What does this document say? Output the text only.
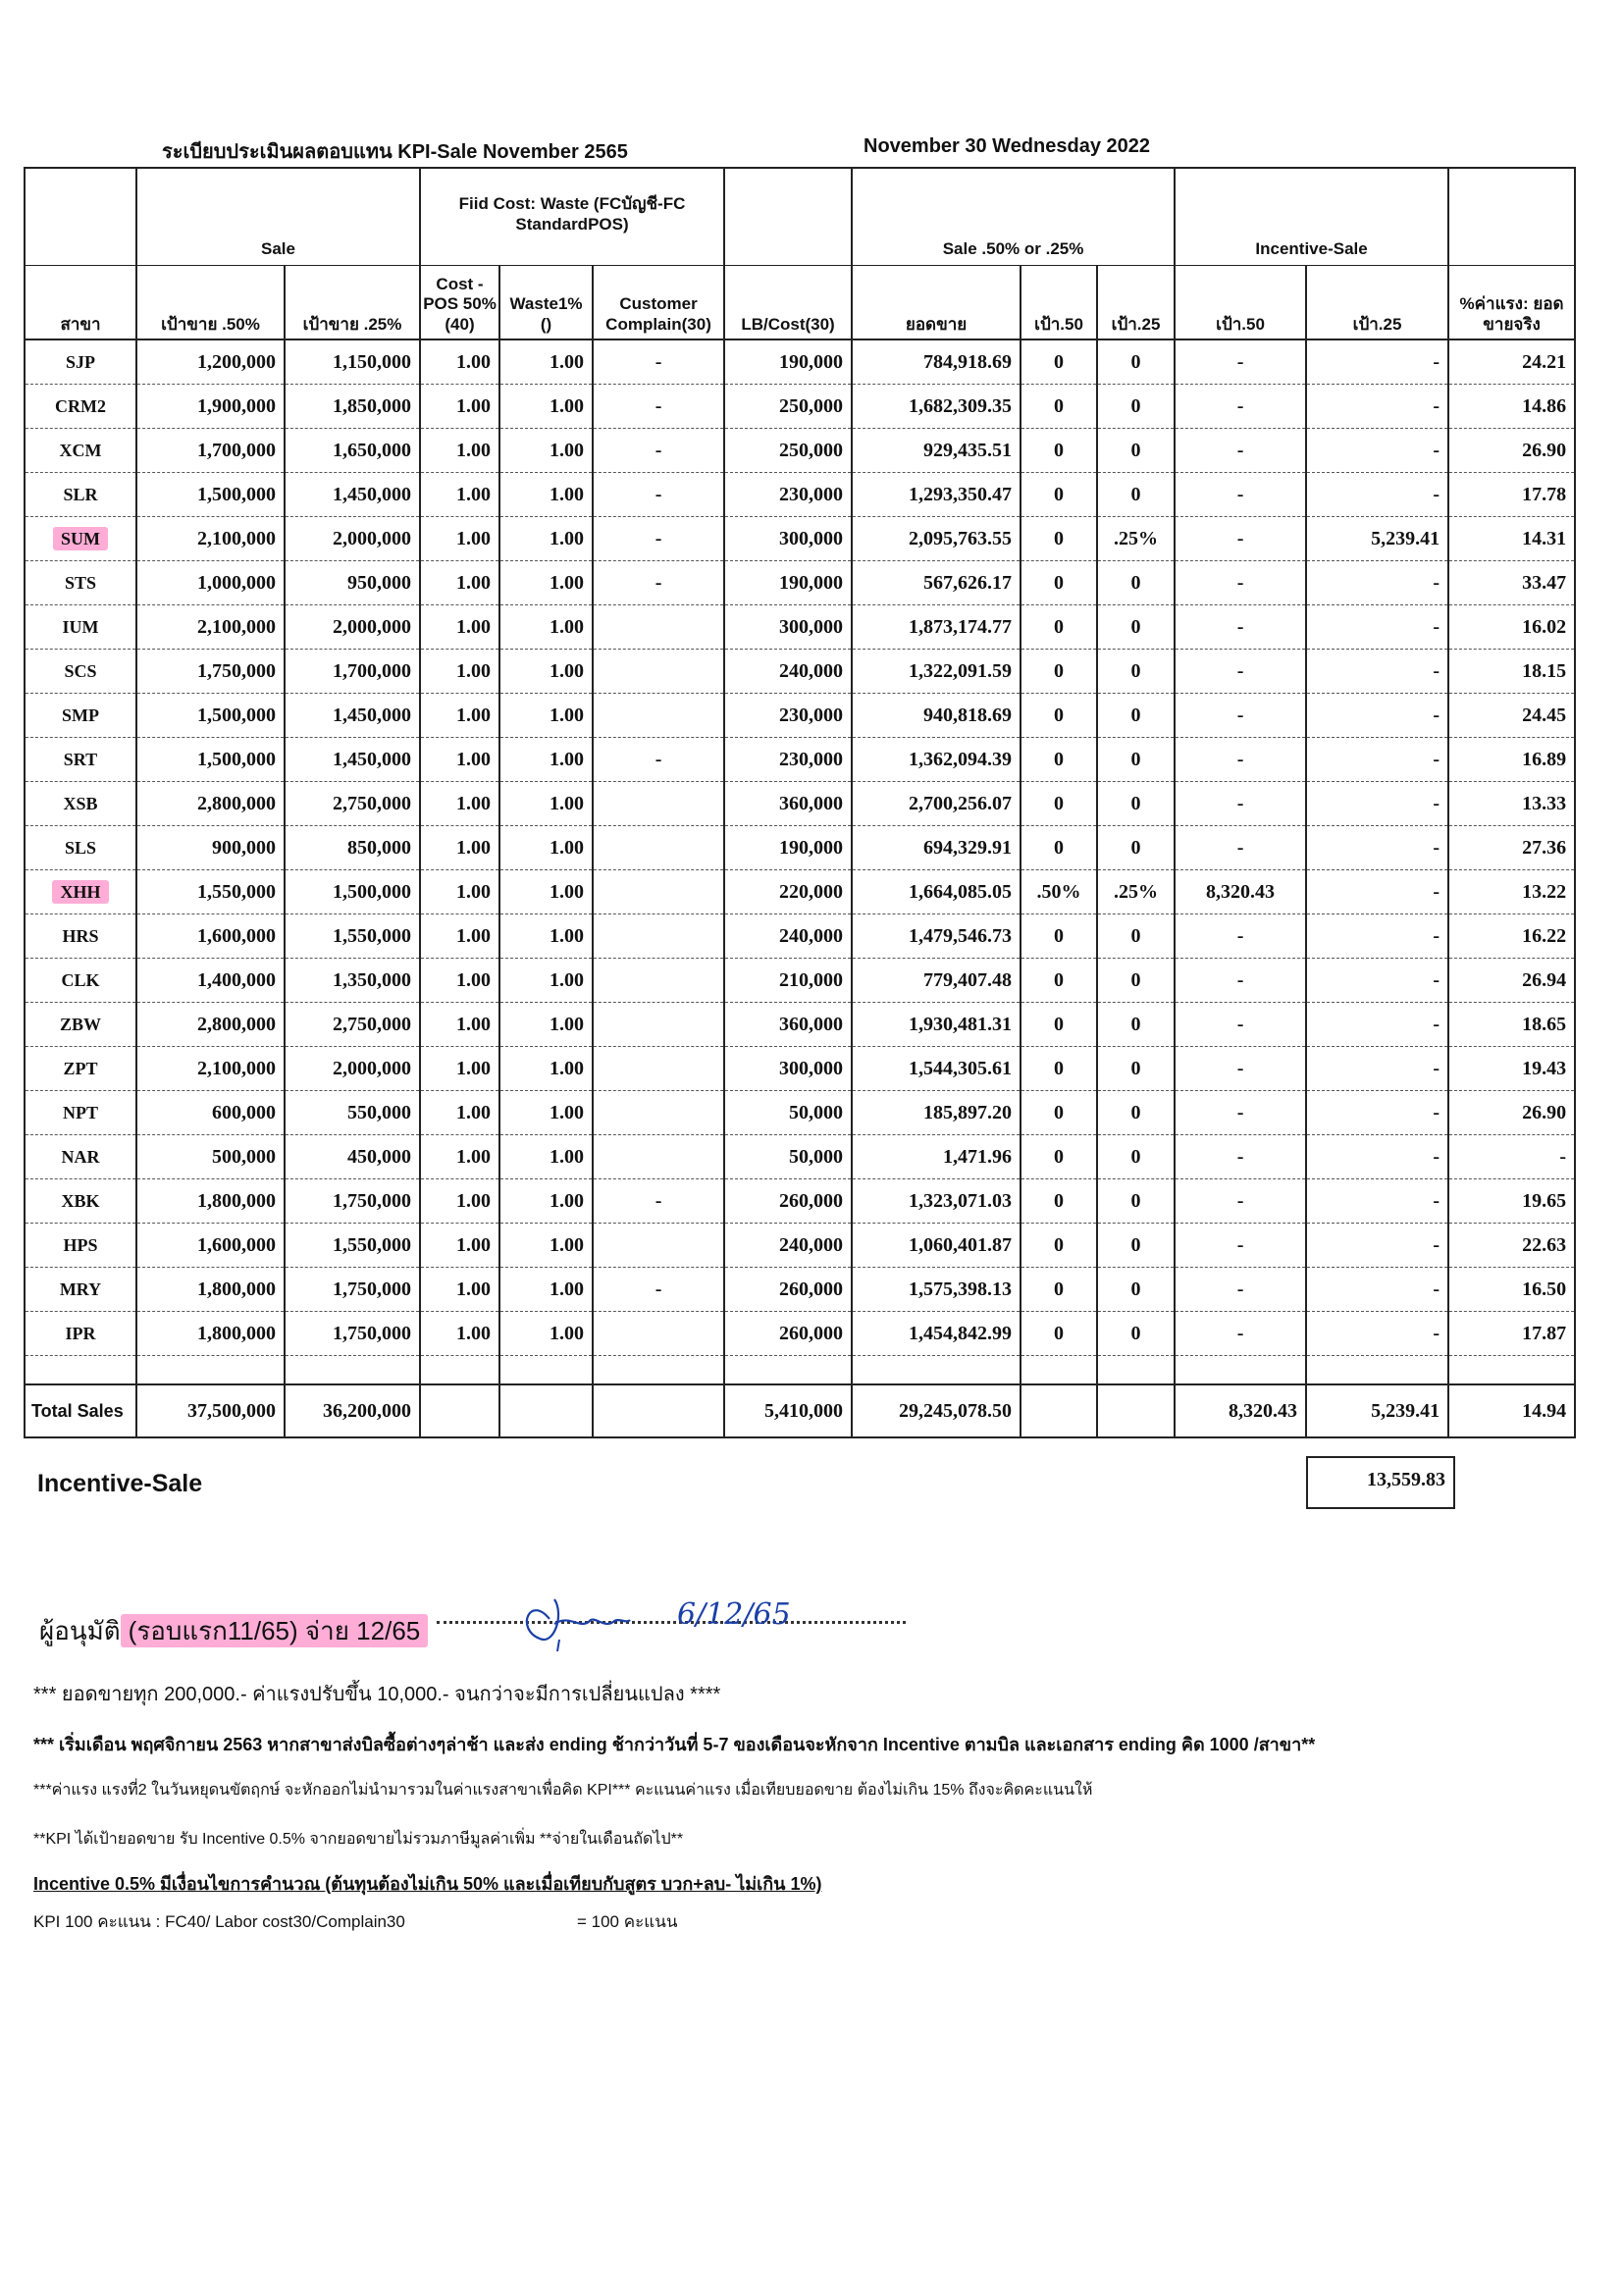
ระเบียบประเมินผลตอบแทน KPI-Sale November 2565	November 30 Wednesday 2022
	Sale		Fiid Cost: Waste (FCบัญชี-FC StandardPOS)				Sale .50% or .25%			Incentive-Sale		
สาขา	เป้าขาย .50%	เป้าขาย .25%	Cost - POS 50%(40)	Waste1% ()	Customer Complain(30)	LB/Cost(30)	ยอดขาย	เป้า.50	เป้า.25	เป้า.50	เป้า.25	%ค่าแรง: ยอดขายจริง
SJP	1,200,000	1,150,000	1.00	1.00	-	190,000	784,918.69	0	0	-	-	24.21
CRM2	1,900,000	1,850,000	1.00	1.00	-	250,000	1,682,309.35	0	0	-	-	14.86
XCM	1,700,000	1,650,000	1.00	1.00	-	250,000	929,435.51	0	0	-	-	26.90
SLR	1,500,000	1,450,000	1.00	1.00	-	230,000	1,293,350.47	0	0	-	-	17.78
SUM	2,100,000	2,000,000	1.00	1.00	-	300,000	2,095,763.55	0	.25%	-	5,239.41	14.31
STS	1,000,000	950,000	1.00	1.00	-	190,000	567,626.17	0	0	-	-	33.47
IUM	2,100,000	2,000,000	1.00	1.00		300,000	1,873,174.77	0	0	-	-	16.02
SCS	1,750,000	1,700,000	1.00	1.00		240,000	1,322,091.59	0	0	-	-	18.15
SMP	1,500,000	1,450,000	1.00	1.00		230,000	940,818.69	0	0	-	-	24.45
SRT	1,500,000	1,450,000	1.00	1.00	-	230,000	1,362,094.39	0	0	-	-	16.89
XSB	2,800,000	2,750,000	1.00	1.00		360,000	2,700,256.07	0	0	-	-	13.33
SLS	900,000	850,000	1.00	1.00		190,000	694,329.91	0	0	-	-	27.36
XHH	1,550,000	1,500,000	1.00	1.00		220,000	1,664,085.05	.50%	.25%	8,320.43	-	13.22
HRS	1,600,000	1,550,000	1.00	1.00		240,000	1,479,546.73	0	0	-	-	16.22
CLK	1,400,000	1,350,000	1.00	1.00		210,000	779,407.48	0	0	-	-	26.94
ZBW	2,800,000	2,750,000	1.00	1.00		360,000	1,930,481.31	0	0	-	-	18.65
ZPT	2,100,000	2,000,000	1.00	1.00		300,000	1,544,305.61	0	0	-	-	19.43
NPT	600,000	550,000	1.00	1.00		50,000	185,897.20	0	0	-	-	26.90
NAR	500,000	450,000	1.00	1.00		50,000	1,471.96	0	0	-	-	-
XBK	1,800,000	1,750,000	1.00	1.00	-	260,000	1,323,071.03	0	0	-	-	19.65
HPS	1,600,000	1,550,000	1.00	1.00		240,000	1,060,401.87	0	0	-	-	22.63
MRY	1,800,000	1,750,000	1.00	1.00	-	260,000	1,575,398.13	0	0	-	-	16.50
IPR	1,800,000	1,750,000	1.00	1.00		260,000	1,454,842.99	0	0	-	-	17.87

Total Sales	37,500,000	36,200,000				5,410,000	29,245,078.50			8,320.43	5,239.41	14.94
Incentive-Sale	13,559.83
ผู้อนุมัติ (รอบแรก11/65) จ่าย 12/65	6/12/65
*** ยอดขายทุก 200,000.- ค่าแรงปรับขึ้น 10,000.- จนกว่าจะมีการเปลี่ยนแปลง ****
*** เริ่มเดือน พฤศจิกายน 2563 หากสาขาส่งบิลซื้อต่างๆล่าช้า และส่ง ending ช้ากว่าวันที่ 5-7 ของเดือนจะหักจาก Incentive ตามบิล และเอกสาร ending คิด 1000 /สาขา**
***ค่าแรง แรงที่2 ในวันหยุดนขัตฤกษ์ จะหักออกไม่นำมารวมในค่าแรงสาขาเพื่อคิด KPI*** คะแนนค่าแรง เมื่อเทียบยอดขาย ต้องไม่เกิน 15% ถึงจะคิดคะแนนให้
**KPI ได้เป้ายอดขาย รับ Incentive 0.5% จากยอดขายไม่รวมภาษีมูลค่าเพิ่ม **จ่ายในเดือนถัดไป**
Incentive 0.5% มีเงื่อนไขการคำนวณ (ต้นทุนต้องไม่เกิน 50% และเมื่อเทียบกับสูตร บวก+ลบ- ไม่เกิน 1%)
KPI 100 คะแนน : FC40/ Labor cost30/Complain30	= 100 คะแนน
